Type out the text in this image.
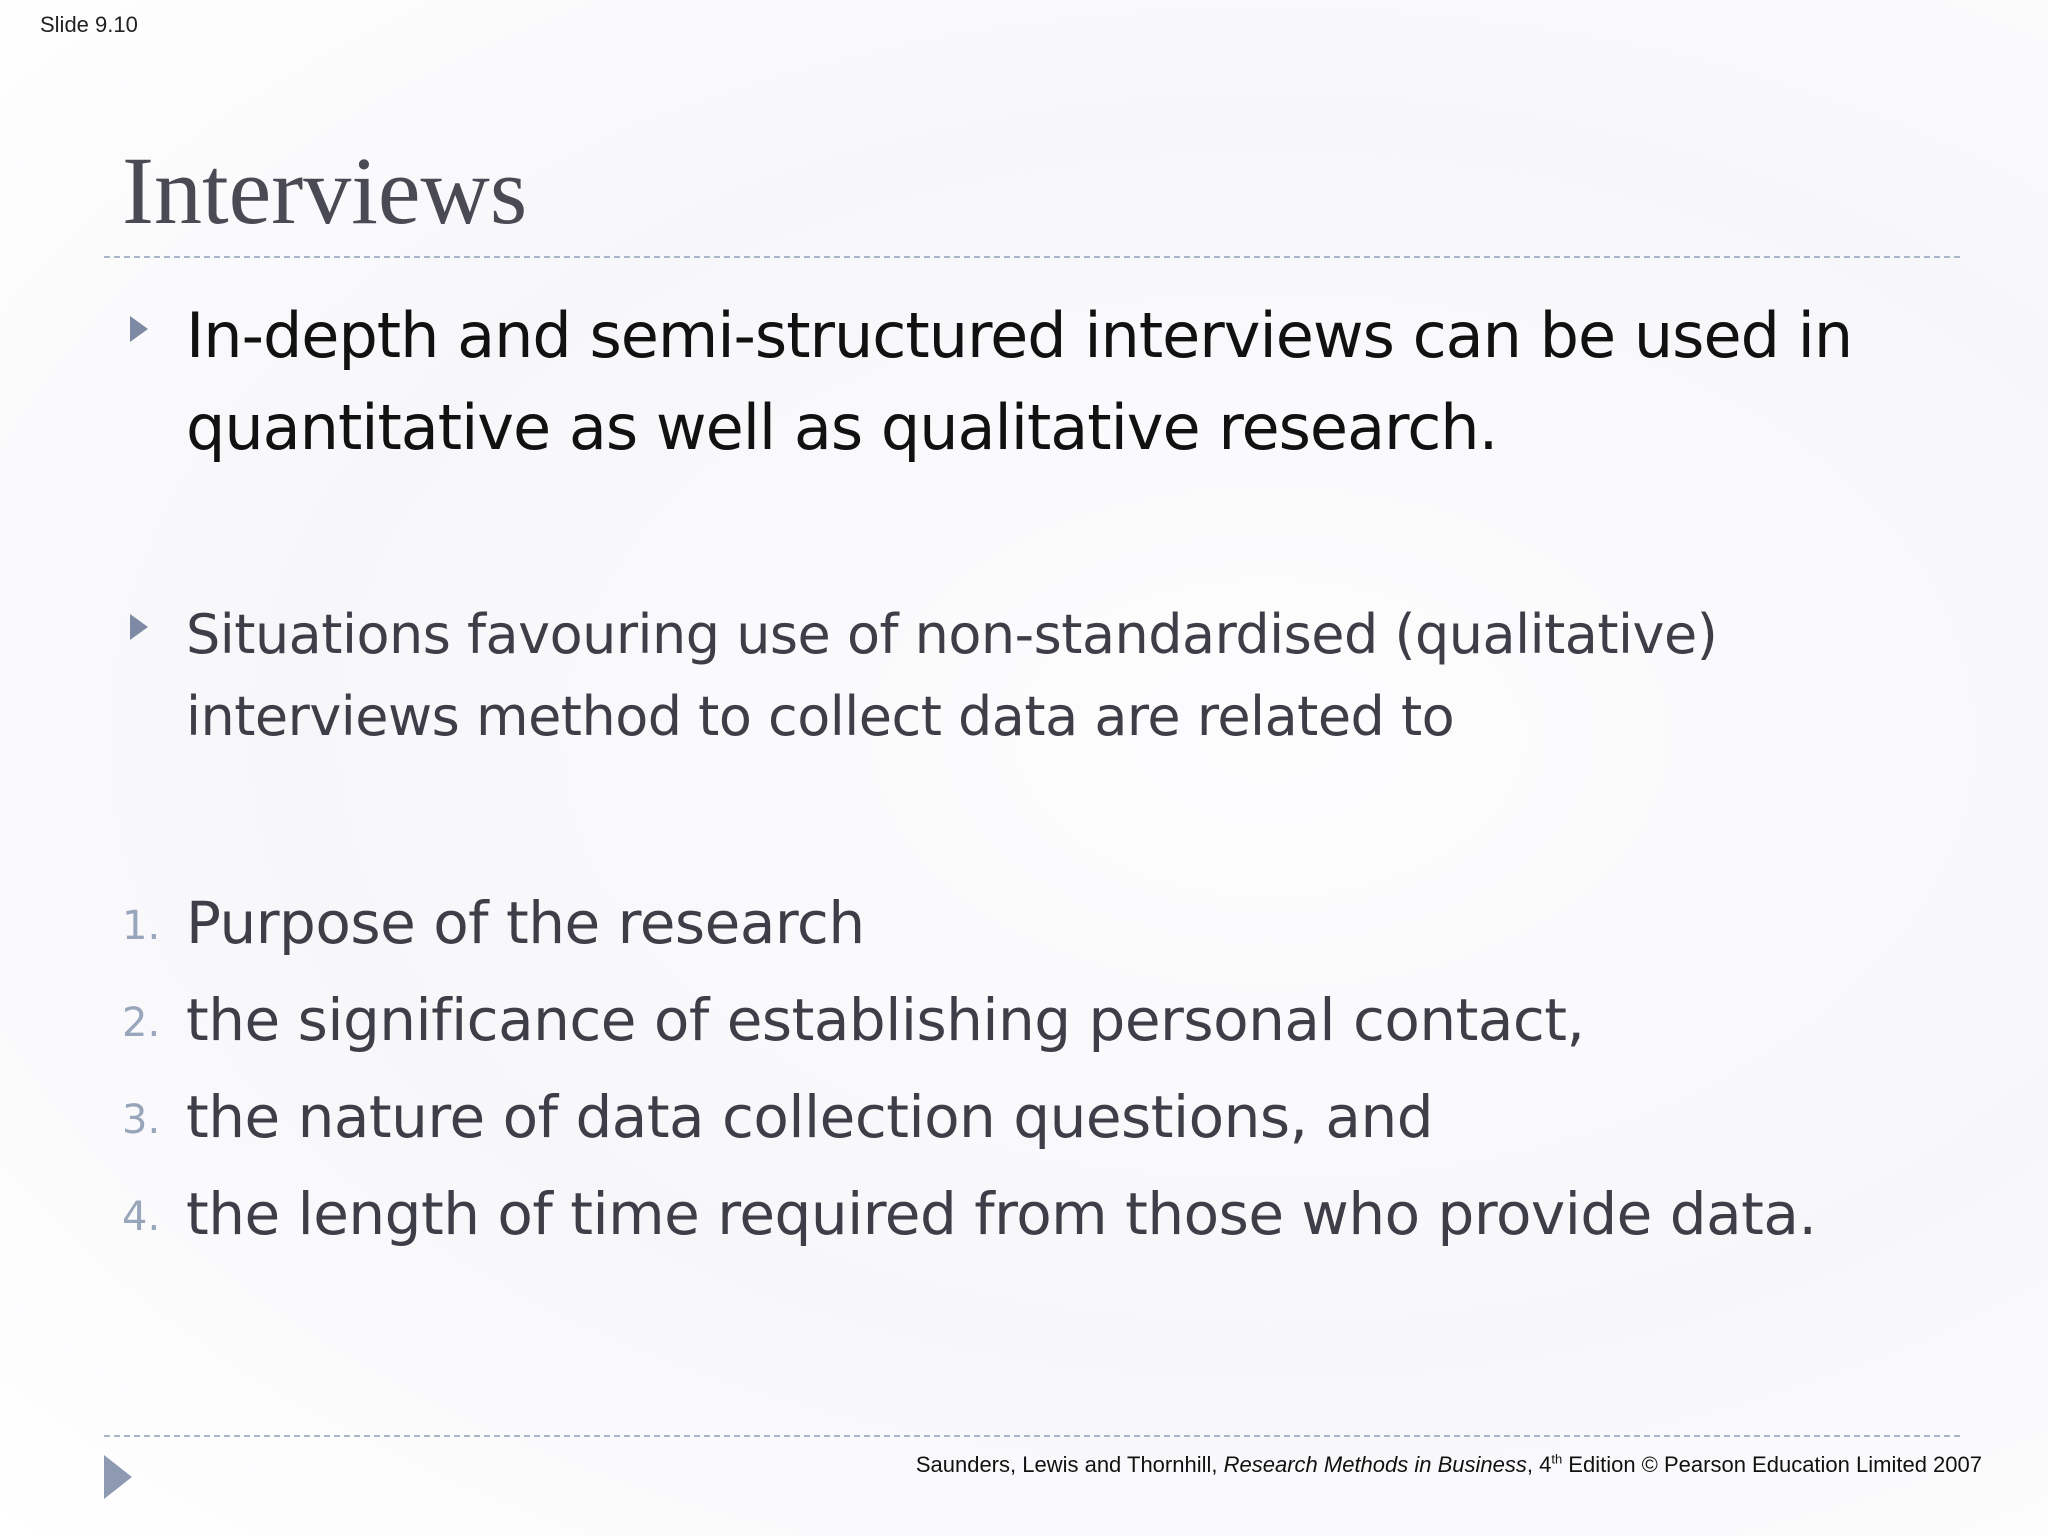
Slide 9.10
Interviews
In-depth and semi-structured interviews can be used in
quantitative as well as qualitative research.
Situations favouring use of non-standardised (qualitative)
interviews method to collect data are related to
1. Purpose of the research
2. the significance of establishing personal contact,
3. the nature of data collection questions, and
4. the length of time required from those who provide data.
Saunders, Lewis and Thornhill, Research Methods in Business, 4th Edition © Pearson Education Limited 2007
